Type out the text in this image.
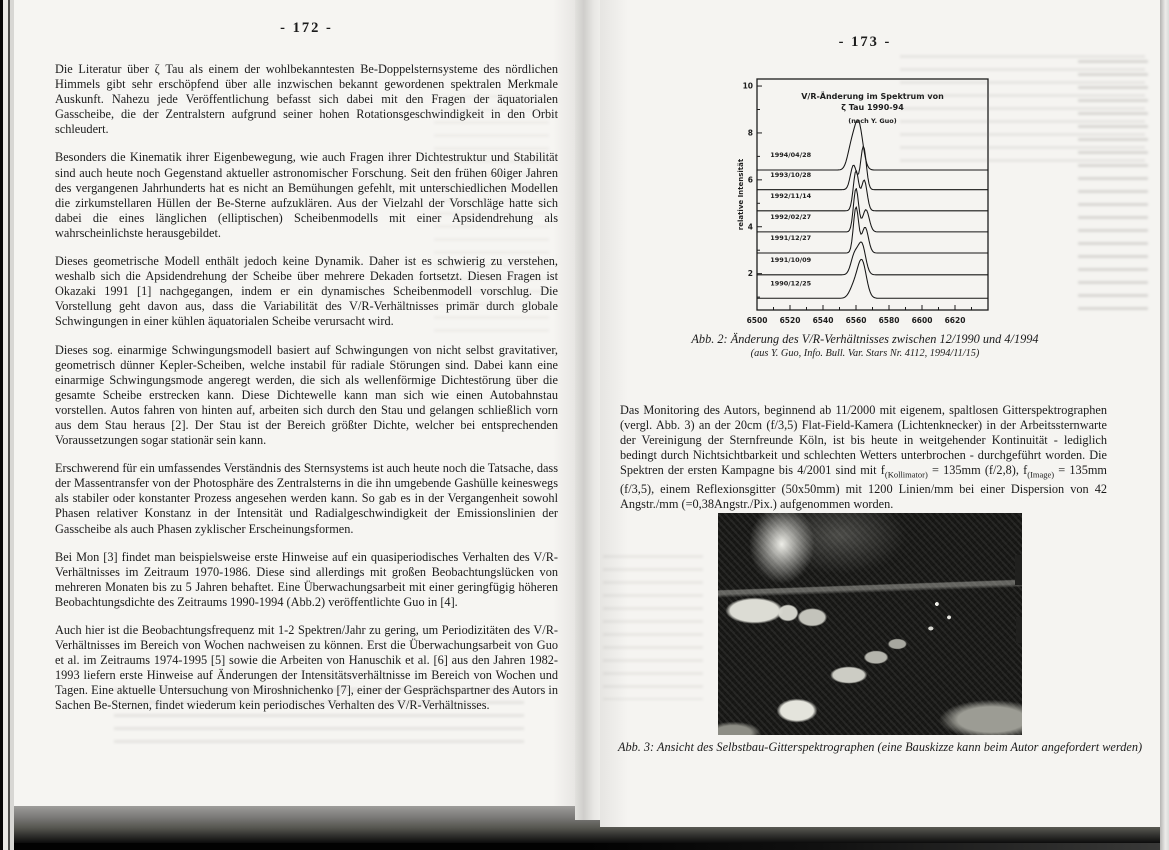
- 172 -

Die Literatur über ζ Tau als einem der wohlbekanntesten Be-Doppelsternsysteme des nördlichen Himmels gibt sehr erschöpfend über alle inzwischen bekannt gewordenen spektralen Merkmale Auskunft. Nahezu jede Veröffentlichung befasst sich dabei mit den Fragen der äquatorialen Gasscheibe, die der Zentralstern aufgrund seiner hohen Rotationsgeschwindigkeit in den Orbit schleudert.

Besonders die Kinematik ihrer Eigenbewegung, wie auch Fragen ihrer Dichtestruktur und Stabilität sind auch heute noch Gegenstand aktueller astronomischer Forschung. Seit den frühen 60iger Jahren des vergangenen Jahrhunderts hat es nicht an Bemühungen gefehlt, mit unterschiedlichen Modellen die zirkumstellaren Hüllen der Be-Sterne aufzuklären. Aus der Vielzahl der Vorschläge hatte sich dabei die eines länglichen (elliptischen) Scheibenmodells mit einer Apsidendrehung als wahrscheinlichste herausgebildet.

Dieses geometrische Modell enthält jedoch keine Dynamik. Daher ist es schwierig zu verstehen, weshalb sich die Apsidendrehung der Scheibe über mehrere Dekaden fortsetzt. Diesen Fragen ist Okazaki 1991 [1] nachgegangen, indem er ein dynamisches Scheibenmodell vorschlug. Die Vorstellung geht davon aus, dass die Variabilität des V/R-Verhältnisses primär durch globale Schwingungen in einer kühlen äquatorialen Scheibe verursacht wird.

Dieses sog. einarmige Schwingungsmodell basiert auf Schwingungen von nicht selbst gravitativer, geometrisch dünner Kepler-Scheiben, welche instabil für radiale Störungen sind. Dabei kann eine einarmige Schwingungsmode angeregt werden, die sich als wellenförmige Dichtestörung über die gesamte Scheibe erstrecken kann. Diese Dichtewelle kann man sich wie einen Autobahnstau vorstellen. Autos fahren von hinten auf, arbeiten sich durch den Stau und gelangen schließlich vorn aus dem Stau heraus [2]. Der Stau ist der Bereich größter Dichte, welcher bei entsprechenden Voraussetzungen sogar stationär sein kann.

Erschwerend für ein umfassendes Verständnis des Sternsystems ist auch heute noch die Tatsache, dass der Massentransfer von der Photosphäre des Zentralsterns in die ihn umgebende Gashülle keineswegs als stabiler oder konstanter Prozess angesehen werden kann. So gab es in der Vergangenheit sowohl Phasen relativer Konstanz in der Intensität und Radialgeschwindigkeit der Emissionslinien der Gasscheibe als auch Phasen zyklischer Erscheinungsformen.

Bei Mon [3] findet man beispielsweise erste Hinweise auf ein quasiperiodisches Verhalten des V/R-Verhältnisses im Zeitraum 1970-1986. Diese sind allerdings mit großen Beobachtungslücken von mehreren Monaten bis zu 5 Jahren behaftet. Eine Überwachungsarbeit mit einer geringfügig höheren Beobachtungsdichte des Zeitraums 1990-1994 (Abb.2) veröffentlichte Guo in [4].

Auch hier ist die Beobachtungsfrequenz mit 1-2 Spektren/Jahr zu gering, um Periodizitäten des V/R-Verhältnisses im Bereich von Wochen nachweisen zu können. Erst die Überwachungsarbeit von Guo et al. im Zeitraums 1974-1995 [5] sowie die Arbeiten von Hanuschik et al. [6] aus den Jahren 1982-1993 liefern erste Hinweise auf Änderungen der Intensitätsverhältnisse im Bereich von Wochen und Tagen. Eine aktuelle Untersuchung von Miroshnichenko [7], einer der Gesprächspartner des Autors in Sachen Be-Sternen, findet wiederum kein periodisches Verhalten des V/R-Verhältnisses.

- 173 -
6500 6520 6540 6560 6580 6600 6620
2
4
6
8
10
relative Intensität
V/R-Änderung im Spektrum von
ζ Tau 1990-94
(nach Y. Guo)
1990/12/25
1991/10/09
1991/12/27
1992/02/27
1992/11/14
1993/10/28
1994/04/28
Abb. 2: Änderung des V/R-Verhältnisses zwischen 12/1990 und 4/1994
(aus Y. Guo, Info. Bull. Var. Stars Nr. 4112, 1994/11/15)

Das Monitoring des Autors, beginnend ab 11/2000 mit eigenem, spaltlosen Gitterspektrographen (vergl. Abb. 3) an der 20cm (f/3,5) Flat-Field-Kamera (Lichtenknecker) in der Arbeitssternwarte der Vereinigung der Sternfreunde Köln, ist bis heute in weitgehender Kontinuität - lediglich bedingt durch Nichtsichtbarkeit und schlechten Wetters unterbrochen - durchgeführt worden. Die Spektren der ersten Kampagne bis 4/2001 sind mit $f_{(Kollimator)} = 135mm$ (f/2,8), $f_{(Image)} = 135mm$ (f/3,5), einem Reflexionsgitter (50x50mm) mit 1200 Linien/mm bei einer Dispersion von 42 Angstr./mm (=0,38Angstr./Pix.) aufgenommen worden.

Abb. 3: Ansicht des Selbstbau-Gitterspektrographen (eine Bauskizze kann beim Autor angefordert werden)
